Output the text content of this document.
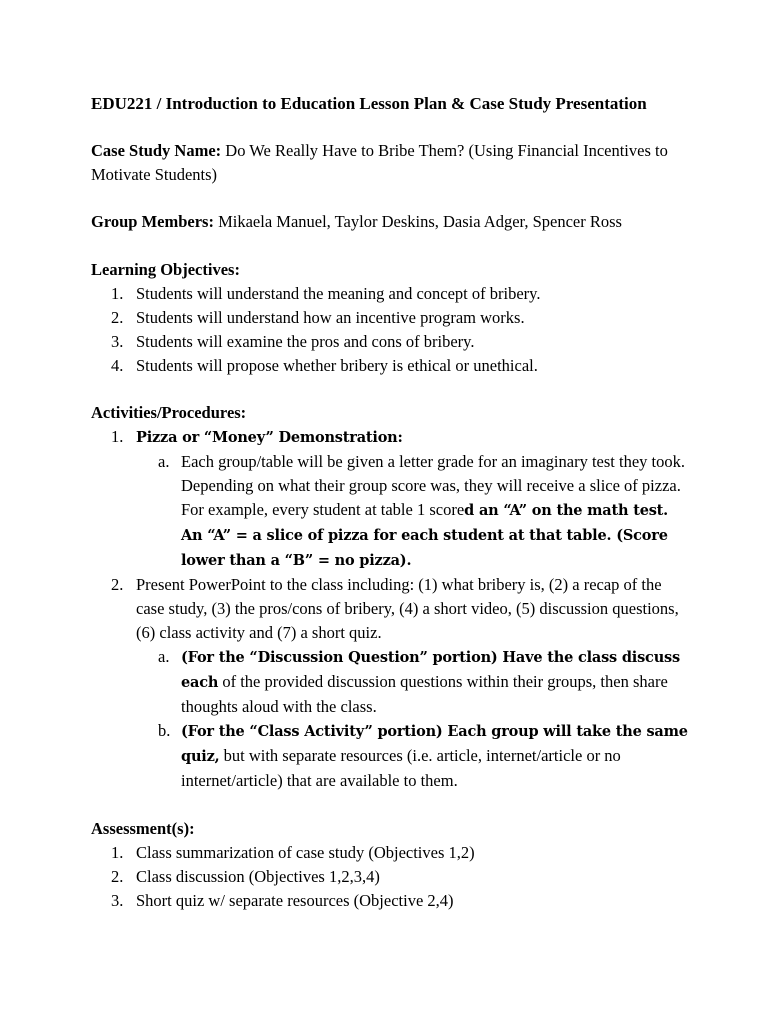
EDU221 / Introduction to Education Lesson Plan & Case Study Presentation

Case Study Name: Do We Really Have to Bribe Them? (Using Financial Incentives to Motivate Students)

Group Members: Mikaela Manuel, Taylor Deskins, Dasia Adger, Spencer Ross

Learning Objectives:

1. Students will understand the meaning and concept of bribery.
2. Students will understand how an incentive program works.
3. Students will examine the pros and cons of bribery.
4. Students will propose whether bribery is ethical or unethical.

Activities/Procedures:

1. Pizza or “Money” Demonstration:
a. Each group/table will be given a letter grade for an imaginary test they took. Depending on what their group score was, they will receive a slice of pizza. For example, every student at table 1 scored an “A” on the math test. An “A” = a slice of pizza for each student at that table. (Score lower than a “B” = no pizza).
2. Present PowerPoint to the class including: (1) what bribery is, (2) a recap of the case study, (3) the pros/cons of bribery, (4) a short video, (5) discussion questions, (6) class activity and (7) a short quiz.
a. (For the “Discussion Question” portion) Have the class discuss each of the provided discussion questions within their groups, then share thoughts aloud with the class.
b. (For the “Class Activity” portion) Each group will take the same quiz, but with separate resources (i.e. article, internet/article or no internet/article) that are available to them.

Assessment(s):

1. Class summarization of case study (Objectives 1,2)
2. Class discussion (Objectives 1,2,3,4)
3. Short quiz w/ separate resources (Objective 2,4)
